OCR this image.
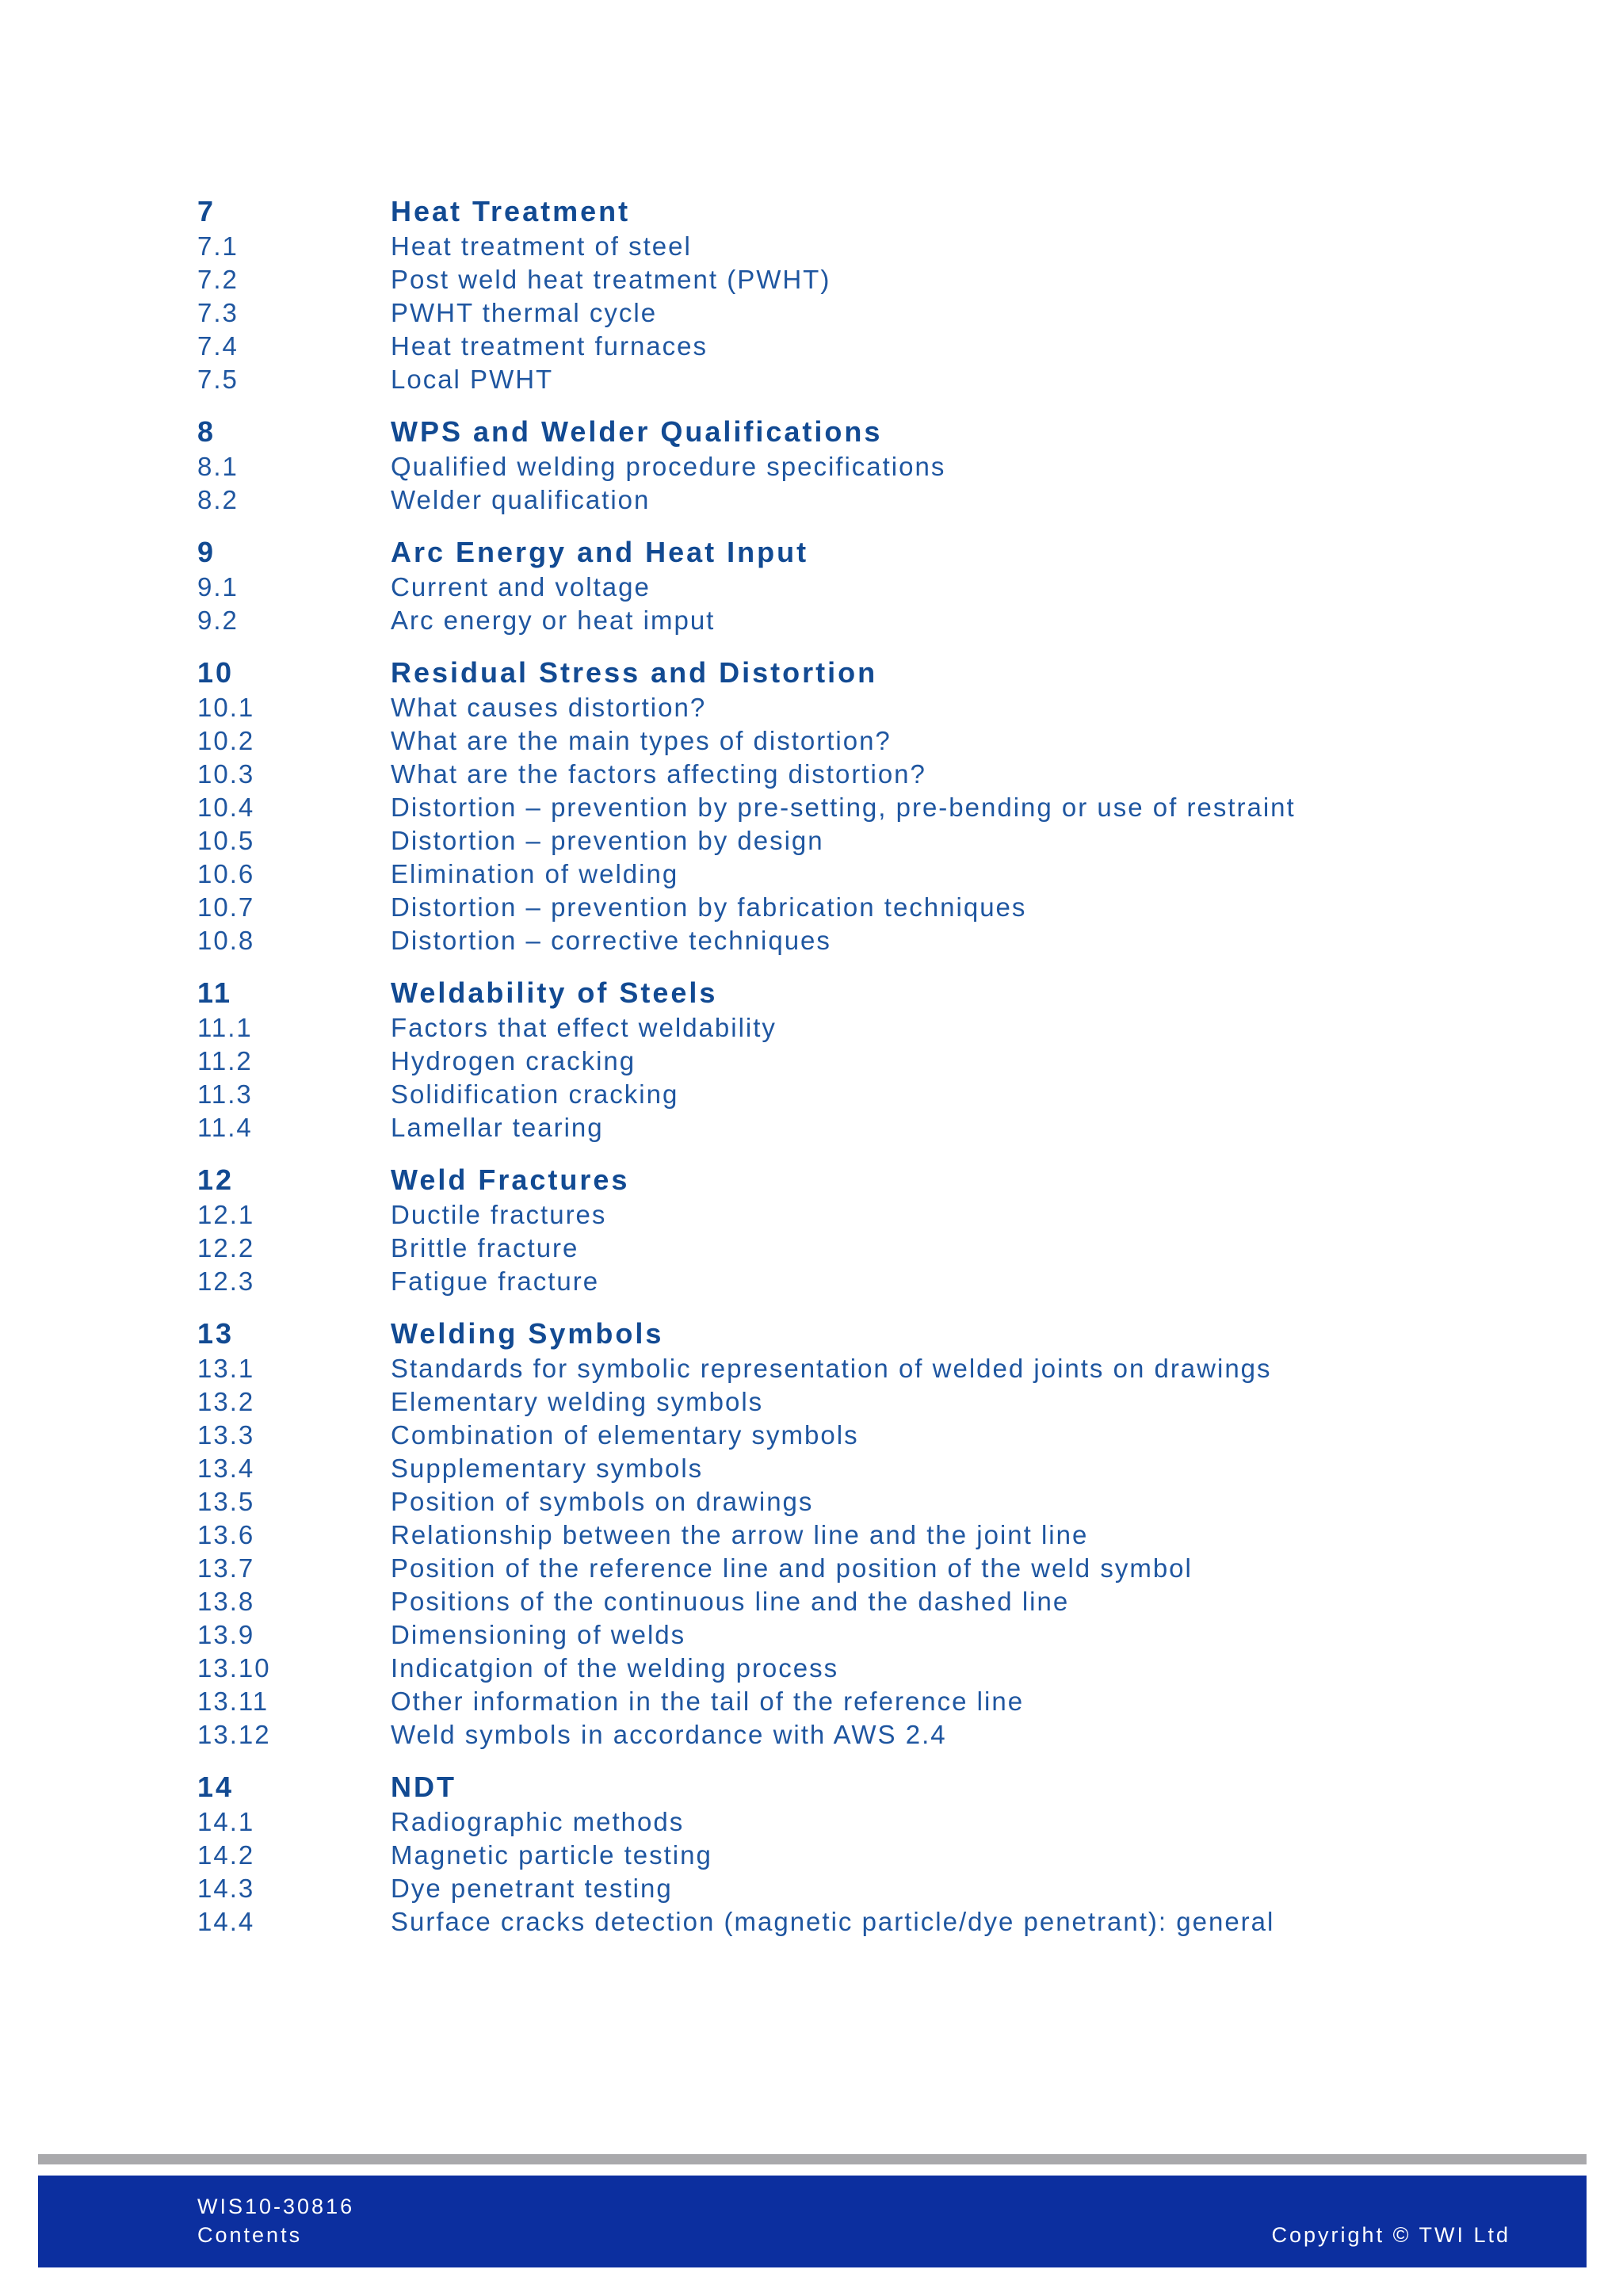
7	Heat Treatment
7.1	Heat treatment of steel
7.2	Post weld heat treatment (PWHT)
7.3	PWHT thermal cycle
7.4	Heat treatment furnaces
7.5	Local PWHT
8	WPS and Welder Qualifications
8.1	Qualified welding procedure specifications
8.2	Welder qualification
9	Arc Energy and Heat Input
9.1	Current and voltage
9.2	Arc energy or heat imput
10	Residual Stress and Distortion
10.1	What causes distortion?
10.2	What are the main types of distortion?
10.3	What are the factors affecting distortion?
10.4	Distortion – prevention by pre-setting, pre-bending or use of restraint
10.5	Distortion – prevention by design
10.6	Elimination of welding
10.7	Distortion – prevention by fabrication techniques
10.8	Distortion – corrective techniques
11	Weldability of Steels
11.1	Factors that effect weldability
11.2	Hydrogen cracking
11.3	Solidification cracking
11.4	Lamellar tearing
12	Weld Fractures
12.1	Ductile fractures
12.2	Brittle fracture
12.3	Fatigue fracture
13	Welding Symbols
13.1	Standards for symbolic representation of welded joints on drawings
13.2	Elementary welding symbols
13.3	Combination of elementary symbols
13.4	Supplementary symbols
13.5	Position of symbols on drawings
13.6	Relationship between the arrow line and the joint line
13.7	Position of the reference line and position of the weld symbol
13.8	Positions of the continuous line and the dashed line
13.9	Dimensioning of welds
13.10	Indicatgion of the welding process
13.11	Other information in the tail of the reference line
13.12	Weld symbols in accordance with AWS 2.4
14	NDT
14.1	Radiographic methods
14.2	Magnetic particle testing
14.3	Dye penetrant testing
14.4	Surface cracks detection (magnetic particle/dye penetrant): general
WIS10-30816
Contents	Copyright © TWI Ltd
